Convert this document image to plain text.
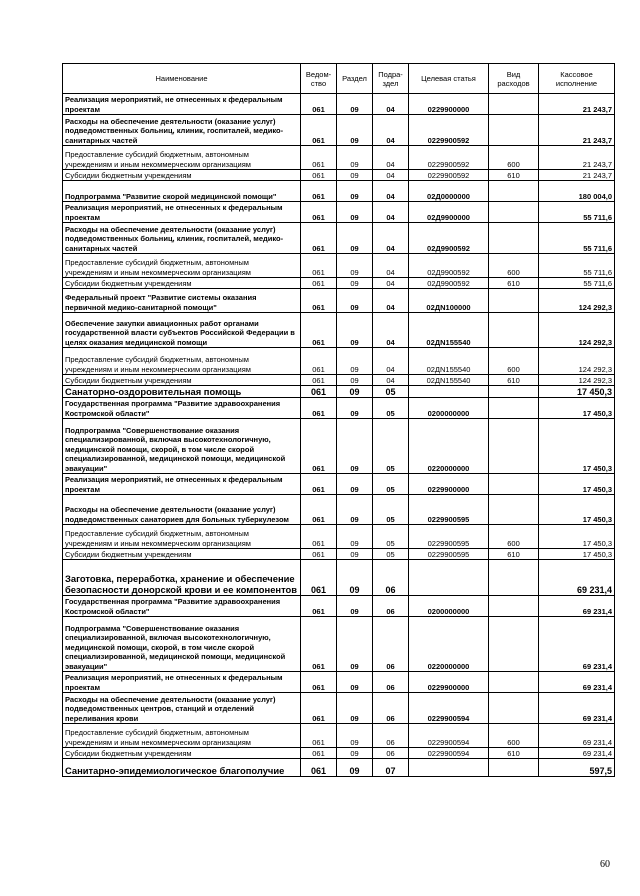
Наименование	Ведом-ство	Раздел	Подра-здел	Целевая статья	Вид расходов	Кассовое исполнение
Реализация мероприятий, не отнесенных к федеральным проектам	061	09	04	0229900000		21 243,7
Расходы на обеспечение деятельности (оказание услуг) подведомственных больниц, клиник, госпиталей, медико-санитарных частей	061	09	04	0229900592		21 243,7
Предоставление субсидий бюджетным, автономным учреждениям и иным некоммерческим организациям	061	09	04	0229900592	600	21 243,7
Субсидии бюджетным учреждениям	061	09	04	0229900592	610	21 243,7
Подпрограмма "Развитие скорой медицинской помощи"	061	09	04	02Д0000000		180 004,0
Реализация мероприятий, не отнесенных к федеральным проектам	061	09	04	02Д9900000		55 711,6
Расходы на обеспечение деятельности (оказание услуг) подведомственных больниц, клиник, госпиталей, медико-санитарных частей	061	09	04	02Д9900592		55 711,6
Предоставление субсидий бюджетным, автономным учреждениям и иным некоммерческим организациям	061	09	04	02Д9900592	600	55 711,6
Субсидии бюджетным учреждениям	061	09	04	02Д9900592	610	55 711,6
Федеральный проект "Развитие системы оказания первичной медико-санитарной помощи"	061	09	04	02ДN100000		124 292,3
Обеспечение закупки авиационных работ органами государственной власти субъектов Российской Федерации в целях оказания медицинской помощи	061	09	04	02ДN155540		124 292,3
Предоставление субсидий бюджетным, автономным учреждениям и иным некоммерческим организациям	061	09	04	02ДN155540	600	124 292,3
Субсидии бюджетным учреждениям	061	09	04	02ДN155540	610	124 292,3
Санаторно-оздоровительная помощь	061	09	05			17 450,3
Государственная программа "Развитие здравоохранения Костромской области"	061	09	05	0200000000		17 450,3
Подпрограмма "Совершенствование оказания специализированной, включая высокотехнологичную, медицинской помощи, скорой, в том числе скорой специализированной, медицинской помощи, медицинской эвакуации"	061	09	05	0220000000		17 450,3
Реализация мероприятий, не отнесенных к федеральным проектам	061	09	05	0229900000		17 450,3
Расходы на обеспечение деятельности (оказание услуг) подведомственных санаториев для больных туберкулезом	061	09	05	0229900595		17 450,3
Предоставление субсидий бюджетным, автономным учреждениям и иным некоммерческим организациям	061	09	05	0229900595	600	17 450,3
Субсидии бюджетным учреждениям	061	09	05	0229900595	610	17 450,3
Заготовка, переработка, хранение и обеспечение безопасности донорской крови и ее компонентов	061	09	06			69 231,4
Государственная программа "Развитие здравоохранения Костромской области"	061	09	06	0200000000		69 231,4
Подпрограмма "Совершенствование оказания специализированной, включая высокотехнологичную, медицинской помощи, скорой, в том числе скорой специализированной, медицинской помощи, медицинской эвакуации"	061	09	06	0220000000		69 231,4
Реализация мероприятий, не отнесенных к федеральным проектам	061	09	06	0229900000		69 231,4
Расходы на обеспечение деятельности (оказание услуг) подведомственных центров, станций и отделений переливания крови	061	09	06	0229900594		69 231,4
Предоставление субсидий бюджетным, автономным учреждениям и иным некоммерческим организациям	061	09	06	0229900594	600	69 231,4
Субсидии бюджетным учреждениям	061	09	06	0229900594	610	69 231,4
Санитарно-эпидемиологическое благополучие	061	09	07			597,5
60
